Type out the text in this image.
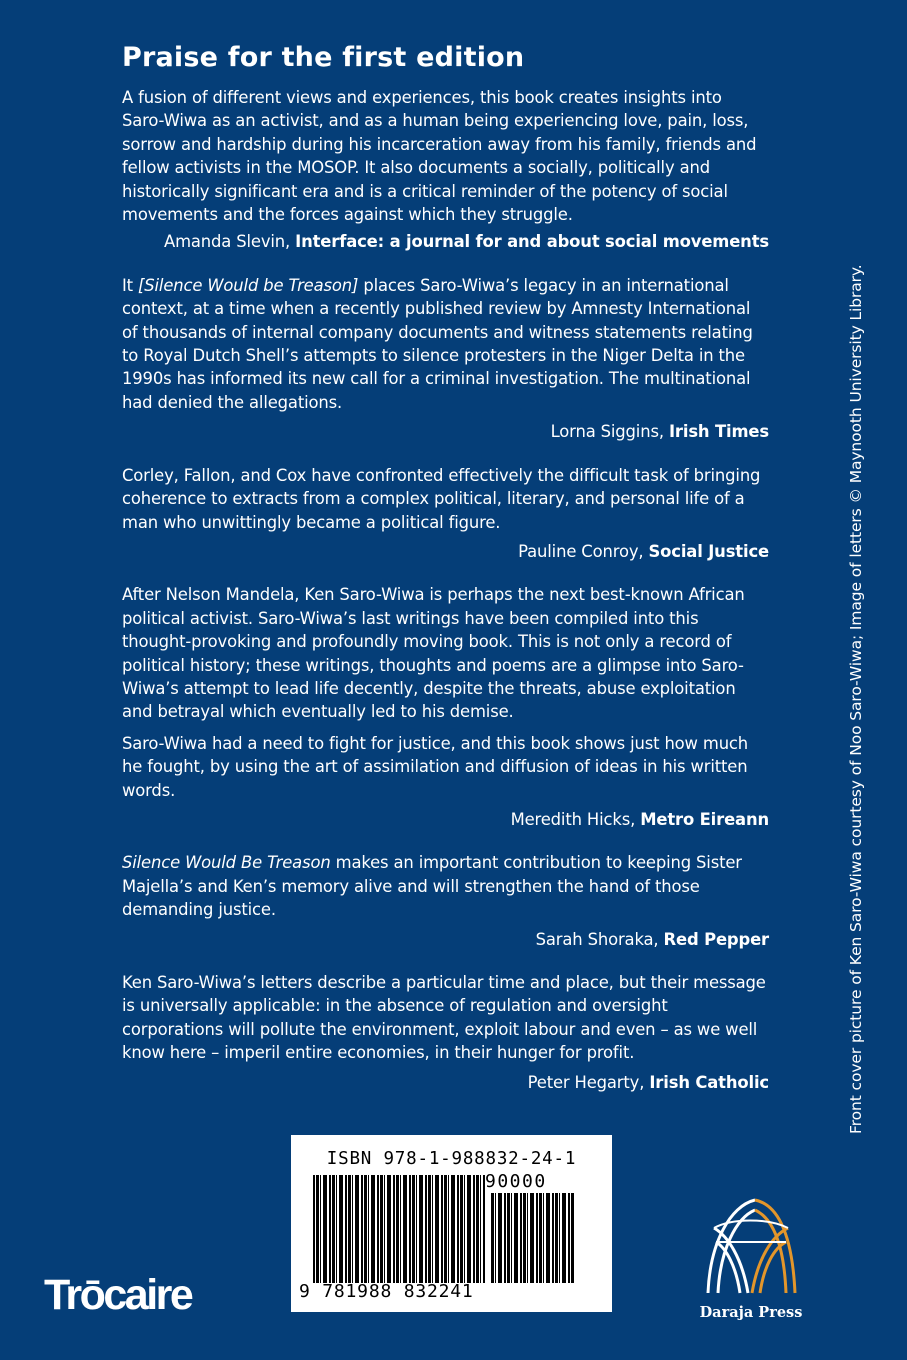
Praise for the first edition

A fusion of different views and experiences, this book creates insights into Saro-Wiwa as an activist, and as a human being experiencing love, pain, loss, sorrow and hardship during his incarceration away from his family, friends and fellow activists in the MOSOP. It also documents a socially, politically and historically significant era and is a critical reminder of the potency of social movements and the forces against which they struggle.

Amanda Slevin, Interface: a journal for and about social movements

It [Silence Would be Treason] places Saro-Wiwa’s legacy in an international context, at a time when a recently published review by Amnesty International of thousands of internal company documents and witness statements relating to Royal Dutch Shell’s attempts to silence protesters in the Niger Delta in the 1990s has informed its new call for a criminal investigation. The multinational had denied the allegations.

Lorna Siggins, Irish Times

Corley, Fallon, and Cox have confronted effectively the difficult task of bringing coherence to extracts from a complex political, literary, and personal life of a man who unwittingly became a political figure.

Pauline Conroy, Social Justice

After Nelson Mandela, Ken Saro-Wiwa is perhaps the next best-known African political activist. Saro-Wiwa’s last writings have been compiled into this thought-provoking and profoundly moving book. This is not only a record of political history; these writings, thoughts and poems are a glimpse into Saro-Wiwa’s attempt to lead life decently, despite the threats, abuse exploitation and betrayal which eventually led to his demise.

Saro-Wiwa had a need to fight for justice, and this book shows just how much he fought, by using the art of assimilation and diffusion of ideas in his written words.

Meredith Hicks, Metro Eireann

Silence Would Be Treason makes an important contribution to keeping Sister Majella’s and Ken’s memory alive and will strengthen the hand of those demanding justice.

Sarah Shoraka, Red Pepper

Ken Saro-Wiwa’s letters describe a particular time and place, but their message is universally applicable: in the absence of regulation and oversight corporations will pollute the environment, exploit labour and even – as we well know here – imperil entire economies, in their hunger for profit.

Peter Hegarty, Irish Catholic	Front cover picture of Ken Saro-Wiwa courtesy of Noo Saro-Wiwa; Image of letters © Maynooth University Library.
ISBN 978-1-988832-24-1
90000
9 781988 832241
Trōcaire	Daraja Press
